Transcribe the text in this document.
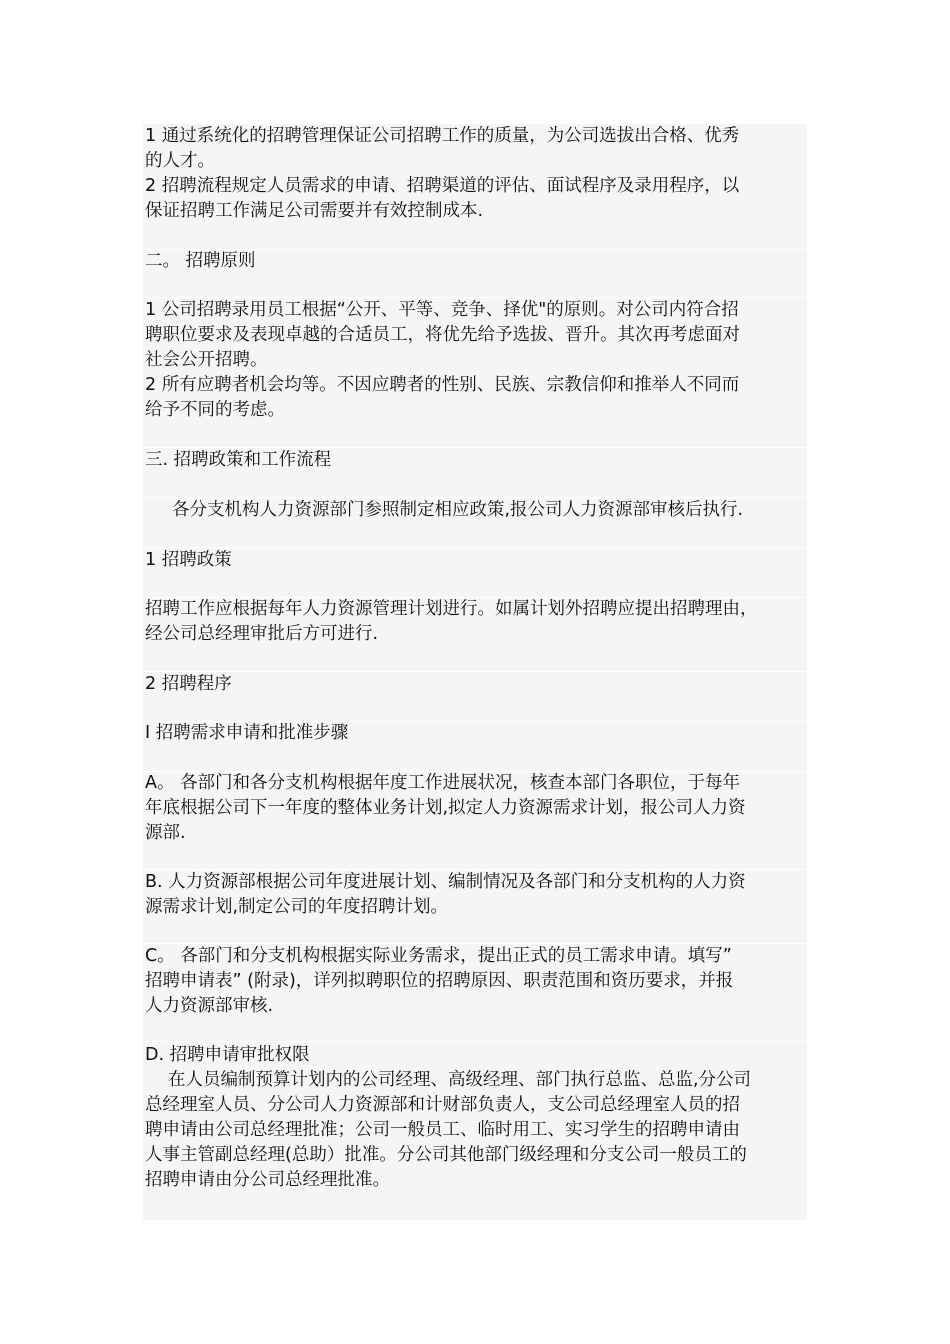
1 通过系统化的招聘管理保证公司招聘工作的质量，为公司选拔出合格、优秀
的人才。
2 招聘流程规定人员需求的申请、招聘渠道的评估、面试程序及录用程序，以
保证招聘工作满足公司需要并有效控制成本.
二。 招聘原则
1 公司招聘录用员工根据“公开、平等、竞争、择优"的原则。对公司内符合招
聘职位要求及表现卓越的合适员工，将优先给予选拔、晋升。其次再考虑面对
社会公开招聘。
2 所有应聘者机会均等。不因应聘者的性别、民族、宗教信仰和推举人不同而
给予不同的考虑。
三. 招聘政策和工作流程
各分支机构人力资源部门参照制定相应政策,报公司人力资源部审核后执行.
1 招聘政策
招聘工作应根据每年人力资源管理计划进行。如属计划外招聘应提出招聘理由，
经公司总经理审批后方可进行.
2 招聘程序
I 招聘需求申请和批准步骤
A。 各部门和各分支机构根据年度工作进展状况，核查本部门各职位，于每年
年底根据公司下一年度的整体业务计划,拟定人力资源需求计划，报公司人力资
源部.
B. 人力资源部根据公司年度进展计划、编制情况及各部门和分支机构的人力资
源需求计划,制定公司的年度招聘计划。
C。 各部门和分支机构根据实际业务需求，提出正式的员工需求申请。填写”
招聘申请表” (附录)，详列拟聘职位的招聘原因、职责范围和资历要求，并报
人力资源部审核.
D. 招聘申请审批权限
在人员编制预算计划内的公司经理、高级经理、部门执行总监、总监,分公司
总经理室人员、分公司人力资源部和计财部负责人，支公司总经理室人员的招
聘申请由公司总经理批准；公司一般员工、临时用工、实习学生的招聘申请由
人事主管副总经理(总助）批准。分公司其他部门级经理和分支公司一般员工的
招聘申请由分公司总经理批准。
